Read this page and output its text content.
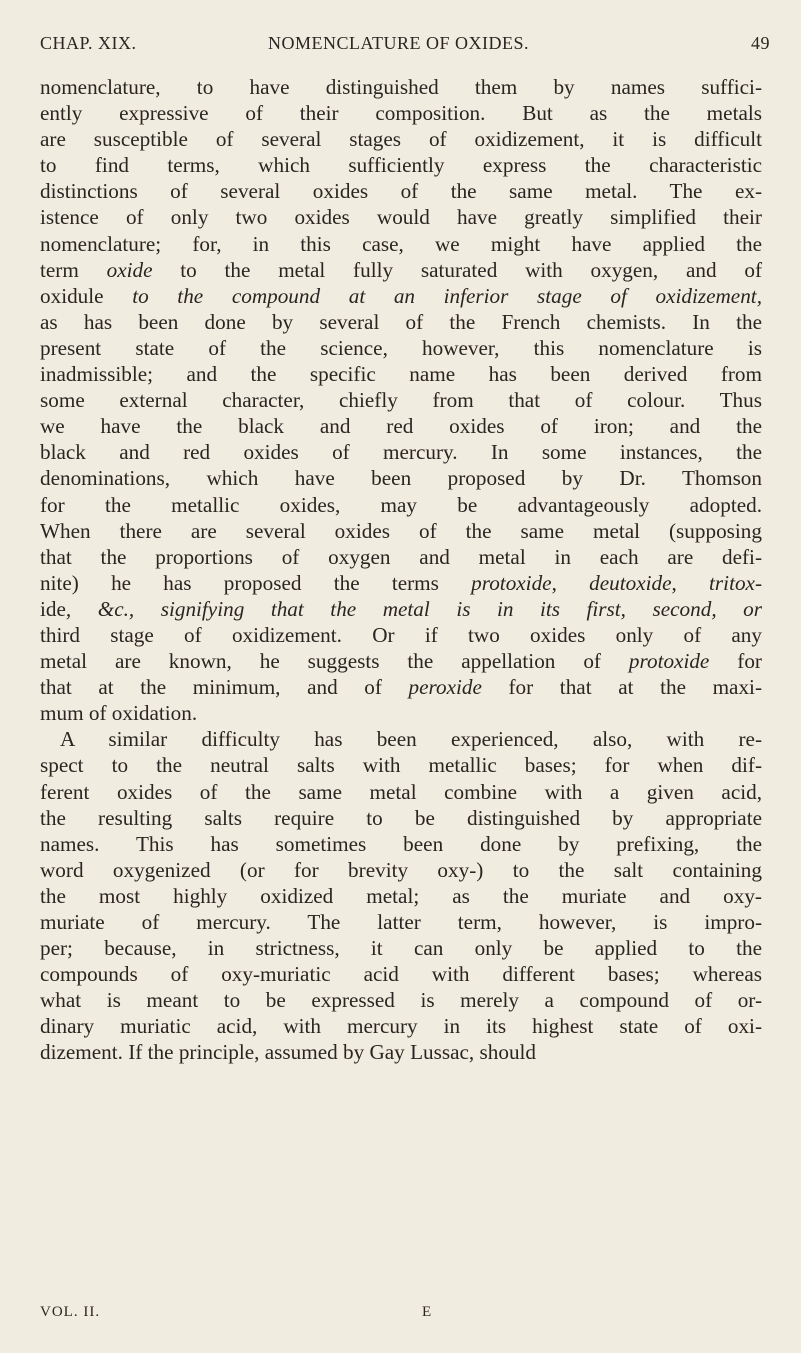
CHAP. XIX.	NOMENCLATURE OF OXIDES.	49

nomenclature, to have distinguished them by names suffici-

ently expressive of their composition. But as the metals

are susceptible of several stages of oxidizement, it is difficult

to find terms, which sufficiently express the characteristic

distinctions of several oxides of the same metal. The ex-

istence of only two oxides would have greatly simplified their

nomenclature; for, in this case, we might have applied the

term oxide to the metal fully saturated with oxygen, and of

oxidule to the compound at an inferior stage of oxidizement,

as has been done by several of the French chemists. In the

present state of the science, however, this nomenclature is

inadmissible; and the specific name has been derived from

some external character, chiefly from that of colour. Thus

we have the black and red oxides of iron; and the

black and red oxides of mercury. In some instances, the

denominations, which have been proposed by Dr. Thomson

for the metallic oxides, may be advantageously adopted.

When there are several oxides of the same metal (supposing

that the proportions of oxygen and metal in each are defi-

nite) he has proposed the terms protoxide, deutoxide, tritox-

ide, &c., signifying that the metal is in its first, second, or

third stage of oxidizement. Or if two oxides only of any

metal are known, he suggests the appellation of protoxide for

that at the minimum, and of peroxide for that at the maxi-

mum of oxidation.

A similar difficulty has been experienced, also, with re-

spect to the neutral salts with metallic bases; for when dif-

ferent oxides of the same metal combine with a given acid,

the resulting salts require to be distinguished by appropriate

names. This has sometimes been done by prefixing, the

word oxygenized (or for brevity oxy-) to the salt containing

the most highly oxidized metal; as the muriate and oxy-

muriate of mercury. The latter term, however, is impro-

per; because, in strictness, it can only be applied to the

compounds of oxy-muriatic acid with different bases; whereas

what is meant to be expressed is merely a compound of or-

dinary muriatic acid, with mercury in its highest state of oxi-

dizement. If the principle, assumed by Gay Lussac, should

VOL. II.	E
